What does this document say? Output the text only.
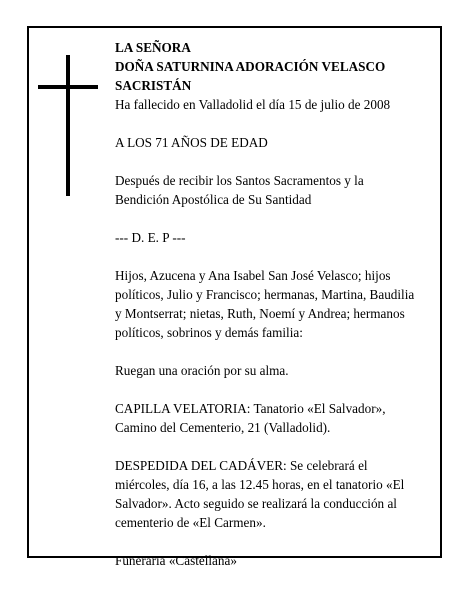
LA SEÑORA

DOÑA SATURNINA ADORACIÓN VELASCO

SACRISTÁN

Ha fallecido en Valladolid el día 15 de julio de 2008

A LOS 71 AÑOS DE EDAD

Después de recibir los Santos Sacramentos y la Bendición Apostólica de Su Santidad

--- D. E. P ---

Hijos, Azucena y Ana Isabel San José Velasco; hijos políticos, Julio y Francisco; hermanas, Martina, Baudilia y Montserrat; nietas, Ruth, Noemí y Andrea; hermanos políticos, sobrinos y demás familia:

Ruegan una oración por su alma.

CAPILLA VELATORIA: Tanatorio «El Salvador», Camino del Cementerio, 21 (Valladolid).

DESPEDIDA DEL CADÁVER: Se celebrará el miércoles, día 16, a las 12.45 horas, en el tanatorio «El Salvador». Acto seguido se realizará la conducción al cementerio de «El Carmen».

Funeraria «Castellana»
